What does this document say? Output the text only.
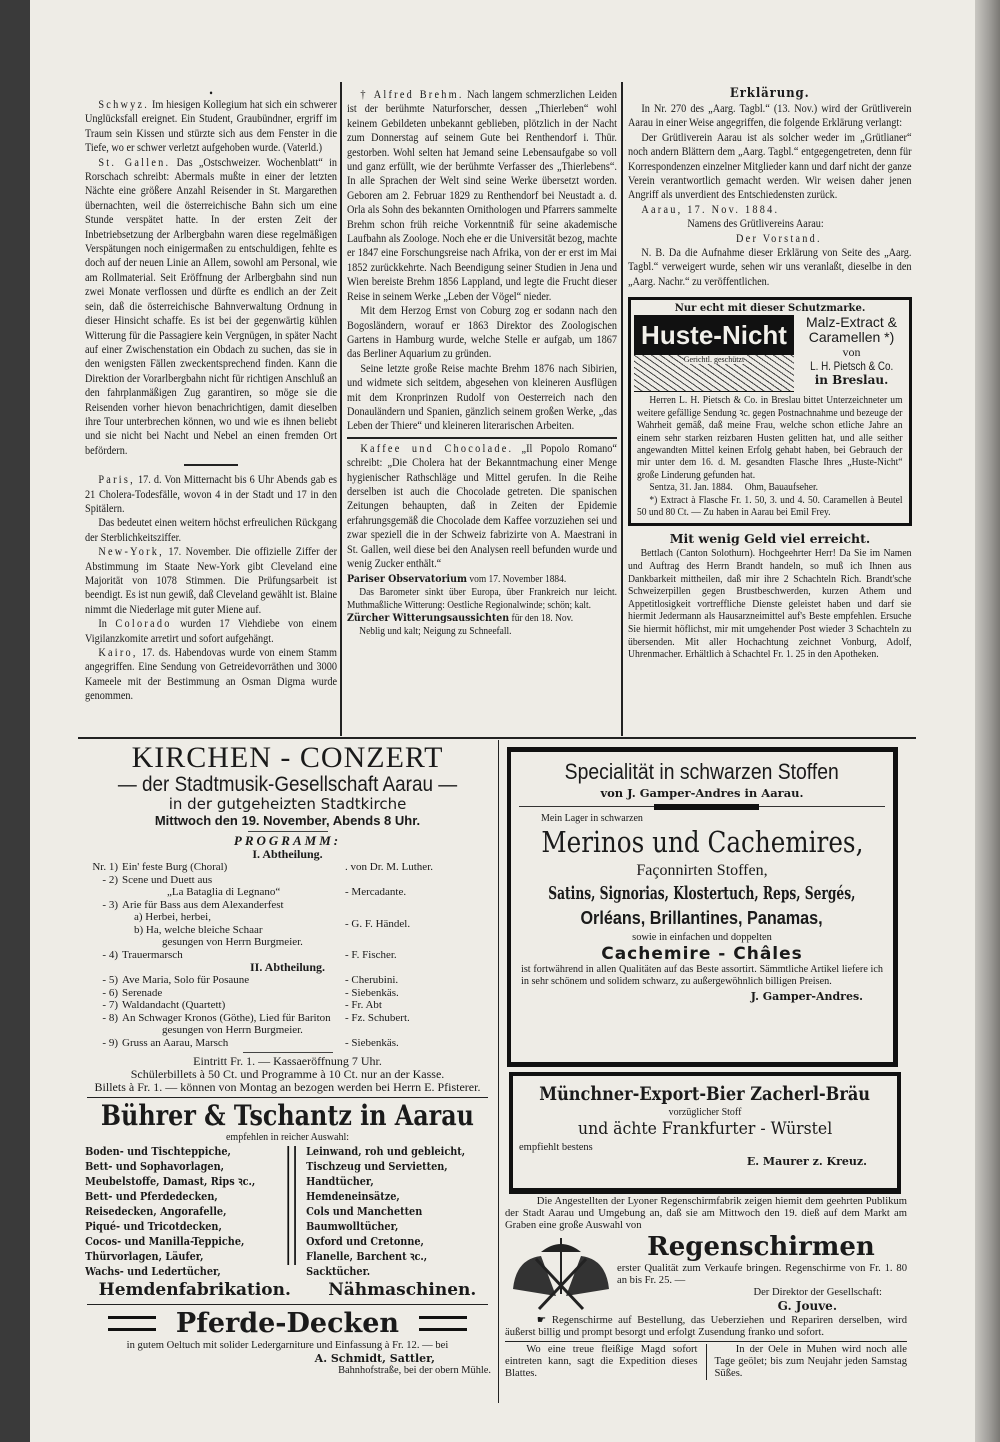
•

Schwyz. Im hiesigen Kollegium hat sich ein schwerer Unglücksfall ereignet. Ein Student, Graubündner, ergriff im Traum sein Kissen und stürzte sich aus dem Fenster in die Tiefe, wo er schwer verletzt aufgehoben wurde. (Vaterld.)

St. Gallen. Das „Ostschweizer. Wochenblatt“ in Rorschach schreibt: Abermals mußte in einer der letzten Nächte eine größere Anzahl Reisender in St. Margarethen übernachten, weil die österreichische Bahn sich um eine Stunde verspätet hatte. In der ersten Zeit der Inbetriebsetzung der Arlbergbahn waren diese regelmäßigen Verspätungen noch einigermaßen zu entschuldigen, fehlte es doch auf der neuen Linie an Allem, sowohl am Personal, wie am Rollmaterial. Seit Eröffnung der Arlbergbahn sind nun zwei Monate verflossen und dürfte es endlich an der Zeit sein, daß die österreichische Bahnverwaltung Ordnung in dieser Hinsicht schaffe. Es ist bei der gegenwärtig kühlen Witterung für die Passagiere kein Vergnügen, in später Nacht auf einer Zwischenstation ein Obdach zu suchen, das sie in den wenigsten Fällen zweckentsprechend finden. Kann die Direktion der Vorarlbergbahn nicht für richtigen Anschluß an den fahrplanmäßigen Zug garantiren, so möge sie die Reisenden vorher hievon benachrichtigen, damit dieselben ihre Tour unterbrechen können, wo und wie es ihnen beliebt und sie nicht bei Nacht und Nebel an einen fremden Ort befördern.

Paris, 17. d. Von Mitternacht bis 6 Uhr Abends gab es 21 Cholera-Todesfälle, wovon 4 in der Stadt und 17 in den Spitälern.

Das bedeutet einen weitern höchst erfreulichen Rückgang der Sterblichkeitsziffer.

New-York, 17. November. Die offizielle Ziffer der Abstimmung im Staate New-York gibt Cleveland eine Majorität von 1078 Stimmen. Die Prüfungsarbeit ist beendigt. Es ist nun gewiß, daß Cleveland gewählt ist. Blaine nimmt die Niederlage mit guter Miene auf.

In Colorado wurden 17 Viehdiebe von einem Vigilanzkomite arretirt und sofort aufgehängt.

Kairo, 17. ds. Habendovas wurde von einem Stamm angegriffen. Eine Sendung von Getreidevorräthen und 3000 Kameele mit der Bestimmung an Osman Digma wurde genommen.

† Alfred Brehm. Nach langem schmerzlichen Leiden ist der berühmte Naturforscher, dessen „Thierleben“ wohl keinem Gebildeten unbekannt geblieben, plötzlich in der Nacht zum Donnerstag auf seinem Gute bei Renthendorf i. Thür. gestorben. Wohl selten hat Jemand seine Lebensaufgabe so voll und ganz erfüllt, wie der berühmte Verfasser des „Thierlebens“. In alle Sprachen der Welt sind seine Werke übersetzt worden. Geboren am 2. Februar 1829 zu Renthendorf bei Neustadt a. d. Orla als Sohn des bekannten Ornithologen und Pfarrers sammelte Brehm schon früh reiche Vorkenntniß für seine akademische Laufbahn als Zoologe. Noch ehe er die Universität bezog, machte er 1847 eine Forschungsreise nach Afrika, von der er erst im Mai 1852 zurückkehrte. Nach Beendigung seiner Studien in Jena und Wien bereiste Brehm 1856 Lappland, und legte die Frucht dieser Reise in seinem Werke „Leben der Vögel“ nieder.

Mit dem Herzog Ernst von Coburg zog er sodann nach den Bogosländern, worauf er 1863 Direktor des Zoologischen Gartens in Hamburg wurde, welche Stelle er aufgab, um 1867 das Berliner Aquarium zu gründen.

Seine letzte große Reise machte Brehm 1876 nach Sibirien, und widmete sich seitdem, abgesehen von kleineren Ausflügen mit dem Kronprinzen Rudolf von Oesterreich nach den Donauländern und Spanien, gänzlich seinem großen Werke, „das Leben der Thiere“ und kleineren literarischen Arbeiten.

Kaffee und Chocolade. „Il Popolo Romano“ schreibt: „Die Cholera hat der Bekanntmachung einer Menge hygienischer Rathschläge und Mittel gerufen. In die Reihe derselben ist auch die Chocolade getreten. Die spanischen Zeitungen behaupten, daß in Zeiten der Epidemie erfahrungsgemäß die Chocolade dem Kaffee vorzuziehen sei und zwar speziell die in der Schweiz fabrizirte von A. Maestrani in St. Gallen, weil diese bei den Analysen reell befunden wurde und wenig Zucker enthält.“

Pariser Observatorium vom 17. November 1884.
Das Barometer sinkt über Europa, über Frankreich nur leicht. Muthmaßliche Witterung: Oestliche Regionalwinde; schön; kalt.
Zürcher Witterungsaussichten für den 18. Nov.
Neblig und kalt; Neigung zu Schneefall.
Erklärung.

In Nr. 270 des „Aarg. Tagbl.“ (13. Nov.) wird der Grütliverein Aarau in einer Weise angegriffen, die folgende Erklärung verlangt:

Der Grütliverein Aarau ist als solcher weder im „Grütlianer“ noch andern Blättern dem „Aarg. Tagbl.“ entgegengetreten, denn für Korrespondenzen einzelner Mitglieder kann und darf nicht der ganze Verein verantwortlich gemacht werden. Wir weisen daher jenen Angriff als unverdient des Entschiedensten zurück.

Aarau, 17. Nov. 1884.

Namens des Grütlivereins Aarau:
Der Vorstand.

N. B. Da die Aufnahme dieser Erklärung von Seite des „Aarg. Tagbl.“ verweigert wurde, sehen wir uns veranlaßt, dieselbe in den „Aarg. Nachr.“ zu veröffentlichen.

Nur echt mit dieser Schutzmarke.
Huste-Nicht
Gerichtl. geschützt
Malz-Extract & Caramellen *)
von
L. H. Pietsch & Co.
in Breslau.

Herren L. H. Pietsch & Co. in Breslau bittet Unterzeichneter um weitere gefällige Sendung ꝛc. gegen Postnachnahme und bezeuge der Wahrheit gemäß, daß meine Frau, welche schon etliche Jahre an einem sehr starken reizbaren Husten gelitten hat, und alle seither angewandten Mittel keinen Erfolg gehabt haben, bei Gebrauch der mir unter dem 16. d. M. gesandten Flasche Ihres „Huste-Nicht“ große Linderung gefunden hat.

Sentza, 31. Jan. 1884.     Ohm, Bauaufseher.

*) Extract à Flasche Fr. 1. 50, 3. und 4. 50. Caramellen à Beutel 50 und 80 Ct. — Zu haben in Aarau bei Emil Frey.

Mit wenig Geld viel erreicht.

Bettlach (Canton Solothurn). Hochgeehrter Herr! Da Sie im Namen und Auftrag des Herrn Brandt handeln, so muß ich Ihnen aus Dankbarkeit mittheilen, daß mir ihre 2 Schachteln Rich. Brandt'sche Schweizerpillen gegen Brustbeschwerden, kurzen Athem und Appetitlosigkeit vortreffliche Dienste geleistet haben und darf sie hiermit Jedermann als Hausarzneimittel auf's Beste empfehlen. Ersuche Sie hiermit höflichst, mir mit umgehender Post wieder 3 Schachteln zu übersenden. Mit aller Hochachtung zeichnet Vonburg, Adolf, Uhrenmacher. Erhältlich à Schachtel Fr. 1. 25 in den Apotheken.

KIRCHEN - CONZERT
— der Stadtmusik-Gesellschaft Aarau —
in der gutgeheizten Stadtkirche
Mittwoch den 19. November, Abends 8 Uhr.
PROGRAMM:
I. Abtheilung.
Nr. 1) Ein' feste Burg (Choral)	. von Dr. M. Luther.
- 2) Scene und Duett aus
„La Bataglia di Legnano“	- Mercadante.
- 3) Arie für Bass aus dem Alexanderfest
a) Herbei, herbei,
b) Ha, welche bleiche Schaar
gesungen von Herrn Burgmeier.
- G. F. Händel.
- 4) Trauermarsch	- F. Fischer.
II. Abtheilung.
- 5) Ave Maria, Solo für Posaune	- Cherubini.
- 6) Serenade	- Siebenkäs.
- 7) Waldandacht (Quartett)	- Fr. Abt
- 8) An Schwager Kronos (Göthe), Lied für Bariton
gesungen von Herrn Burgmeier.
- Fz. Schubert.
- 9) Gruss an Aarau, Marsch	- Siebenkäs.
Eintritt Fr. 1. — Kassaeröffnung 7 Uhr.
Schülerbillets à 50 Ct. und Programme à 10 Ct. nur an der Kasse.
Billets à Fr. 1. — können von Montag an bezogen werden bei Herrn E. Pfisterer.
Bührer & Tschantz in Aarau
empfehlen in reicher Auswahl:
Boden- und Tischteppiche,
Bett- und Sophavorlagen,
Meubelstoffe, Damast, Rips ꝛc.,
Bett- und Pferdedecken,
Reisedecken, Angorafelle,
Piqué- und Tricotdecken,
Cocos- und Manilla-Teppiche,
Thürvorlagen, Läufer,
Wachs- und Ledertücher,
Leinwand, roh und gebleicht,
Tischzeug und Servietten,
Handtücher,
Hemdeneinsätze,
Cols und Manchetten
Baumwolltücher,
Oxford und Cretonne,
Flanelle, Barchent ꝛc.,
Sacktücher.
Hemdenfabrikation. Nähmaschinen.
Pferde-Decken
in gutem Oeltuch mit solider Ledergarniture und Einfassung à Fr. 12. — bei
A. Schmidt, Sattler,
Bahnhofstraße, bei der obern Mühle.
Specialität in schwarzen Stoffen
von J. Gamper-Andres in Aarau.
Mein Lager in schwarzen
Merinos und Cachemires,
Façonnirten Stoffen,
Satins, Signorias, Klostertuch, Reps, Sergés,
Orléans, Brillantines, Panamas,
sowie in einfachen und doppelten
Cachemire - Châles
ist fortwährend in allen Qualitäten auf das Beste assortirt. Sämmtliche Artikel liefere ich in sehr schönem und solidem schwarz, zu außergewöhnlich billigen Preisen.
J. Gamper-Andres.
Münchner-Export-Bier Zacherl-Bräu
vorzüglicher Stoff
und ächte Frankfurter - Würstel
empfiehlt bestens
E. Maurer z. Kreuz.
Die Angestellten der Lyoner Regenschirmfabrik zeigen hiemit dem geehrten Publikum der Stadt Aarau und Umgebung an, daß sie am Mittwoch den 19. dieß auf dem Markt am Graben eine große Auswahl von
Regenschirmen
erster Qualität zum Verkaufe bringen. Regenschirme von Fr. 1. 80 an bis Fr. 25. —
Der Direktor der Gesellschaft:
G. Jouve.
☛ Regenschirme auf Bestellung, das Ueberziehen und Repariren derselben, wird äußerst billig und prompt besorgt und erfolgt Zusendung franko und sofort.
Wo eine treue fleißige Magd sofort eintreten kann, sagt die Expedition dieses Blattes.
In der Oele in Muhen wird noch alle Tage geölet; bis zum Neujahr jeden Samstag Süßes.
